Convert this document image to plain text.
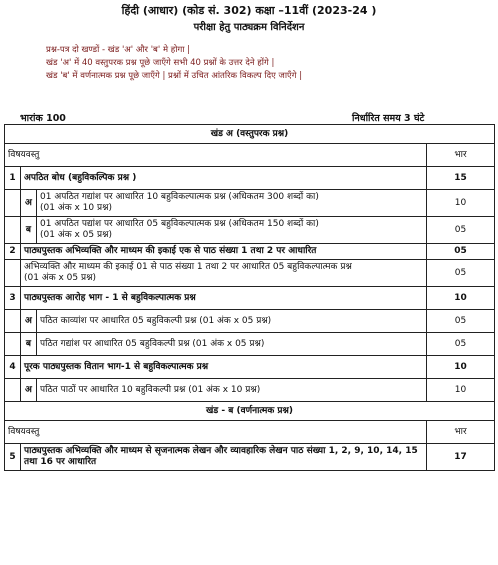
हिंदी (आधार) (कोड सं. 302) कक्षा –11वीं (2023-24 )
परीक्षा हेतु पाठ्यक्रम विनिर्देशन
प्रश्न-पत्र दो खण्डों - खंड 'अ' और 'ब' मे होगा |
खंड 'अ' में 40 वस्तुपरक प्रश्न पूछे जाएँगे सभी 40 प्रश्नों के उत्तर देने होंगे |
खंड 'ब' में वर्णनात्मक प्रश्न पूछे जाएँगे | प्रश्नों में उचित आंतरिक विकल्प दिए जाएँगे |
भारांक 100	निर्धारित समय 3 घंटे
खंड अ (वस्तुपरक प्रश्न)			
विषयवस्तु			भार
1	अपठित बोध (बहुविकल्पिक प्रश्न )		15
	अ	01 अपठित गद्यांश पर आधारित 10 बहुविकल्पात्मक प्रश्न (अधिकतम 300 शब्दों का)
(01 अंक x 10 प्रश्न)	10
	ब	01 अपठित पद्यांश पर आधारित 05 बहुविकल्पात्मक प्रश्न (अधिकतम 150 शब्दों का)
(01 अंक x 05 प्रश्न)	05
2	पाठ्यपुस्तक अभिव्यक्ति और माध्यम की इकाई एक से पाठ संख्या 1 तथा 2 पर आधारित		05

	अभिव्यक्ति और माध्यम की इकाई 01 से पाठ संख्या 1 तथा 2 पर आधारित 05 बहुविकल्पात्मक प्रश्न
(01 अंक x 05 प्रश्न)		05
3	पाठ्यपुस्तक आरोह भाग - 1 से बहुविकल्पात्मक प्रश्न		10
	अ	पठित काव्यांश पर आधारित 05 बहुविकल्पी प्रश्न (01 अंक x 05 प्रश्न)	05
	ब	पठित गद्यांश पर आधारित 05 बहुविकल्पी प्रश्न (01 अंक x 05 प्रश्न)	05
4	पूरक पाठ्यपुस्तक वितान भाग-1 से बहुविकल्पात्मक प्रश्न		10
	अ	पठित पाठों पर आधारित 10 बहुविकल्पी प्रश्न (01 अंक x 10 प्रश्न)	10
खंड - ब (वर्णनात्मक प्रश्न)			
विषयवस्तु			भार
5	पाठ्यपुस्तक अभिव्यक्ति और माध्यम से सृजनात्मक लेखन और व्यावहारिक लेखन पाठ संख्या 1, 2, 9, 10, 14, 15 तथा 16 पर आधारित		17
